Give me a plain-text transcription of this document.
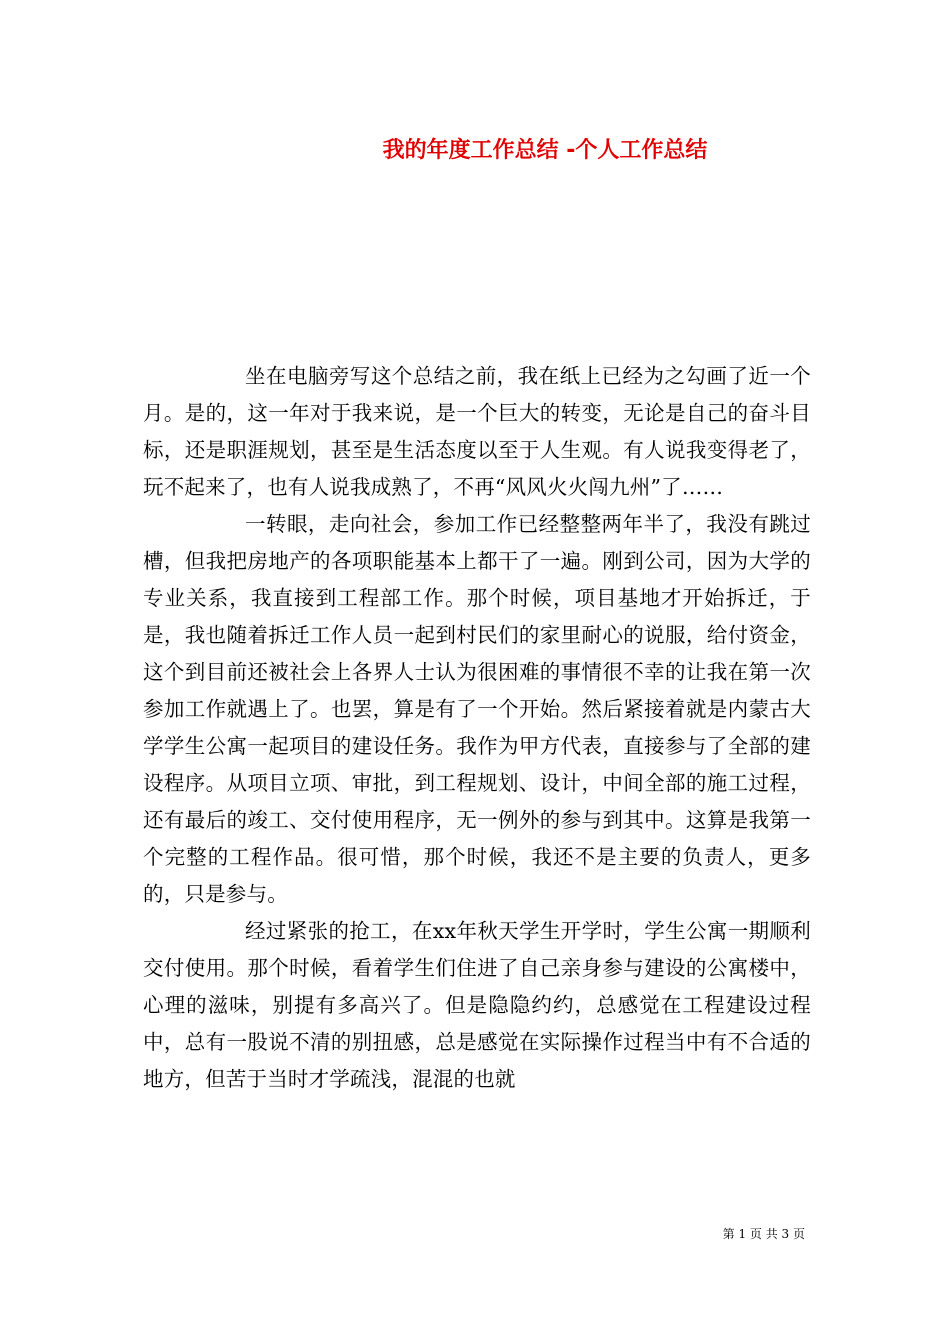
我的年度工作总结 -个人工作总结

坐在电脑旁写这个总结之前，我在纸上已经为之勾画了近一个月。是的，这一年对于我来说，是一个巨大的转变，无论是自己的奋斗目标，还是职涯规划，甚至是生活态度以至于人生观。有人说我变得老了，玩不起来了，也有人说我成熟了，不再“风风火火闯九州”了……

一转眼，走向社会，参加工作已经整整两年半了，我没有跳过槽，但我把房地产的各项职能基本上都干了一遍。刚到公司，因为大学的专业关系，我直接到工程部工作。那个时候，项目基地才开始拆迁，于是，我也随着拆迁工作人员一起到村民们的家里耐心的说服，给付资金，这个到目前还被社会上各界人士认为很困难的事情很不幸的让我在第一次参加工作就遇上了。也罢，算是有了一个开始。然后紧接着就是内蒙古大学学生公寓一起项目的建设任务。我作为甲方代表，直接参与了全部的建设程序。从项目立项、审批，到工程规划、设计，中间全部的施工过程，还有最后的竣工、交付使用程序，无一例外的参与到其中。这算是我第一个完整的工程作品。很可惜，那个时候，我还不是主要的负责人，更多的，只是参与。

经过紧张的抢工，在xx年秋天学生开学时，学生公寓一期顺利交付使用。那个时候，看着学生们住进了自己亲身参与建设的公寓楼中，心理的滋味，别提有多高兴了。但是隐隐约约，总感觉在工程建设过程中，总有一股说不清的别扭感，总是感觉在实际操作过程当中有不合适的地方，但苦于当时才学疏浅，混混的也就

第 1 页 共 3 页
